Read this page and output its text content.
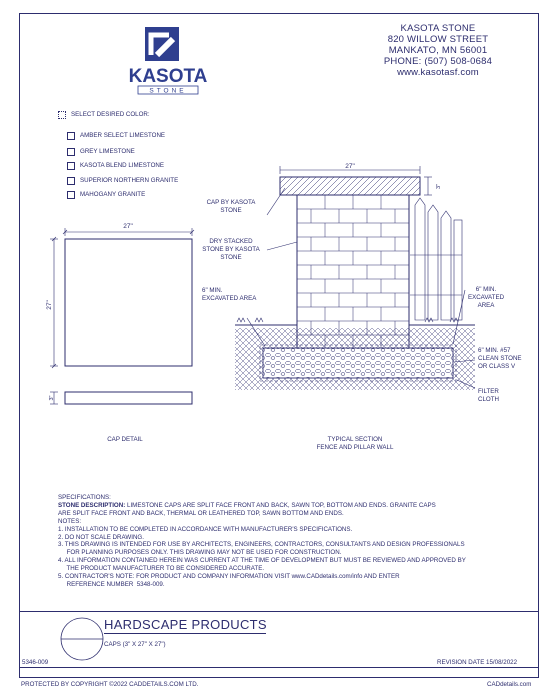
KASOTA
STONE
KASOTA STONE
820 WILLOW STREET
MANKATO, MN 56001
PHONE: (507) 508-0684
www.kasotasf.com
SELECT DESIRED COLOR:
AMBER SELECT LIMESTONE
GREY LIMESTONE
KASOTA BLEND LIMESTONE
SUPERIOR NORTHERN GRANITE
MAHOGANY GRANITE
27"
27"
3"
CAP DETAIL
27"
3"
CAP BY KASOTA STONE
DRY STACKED STONE BY KASOTA STONE
6" MIN. EXCAVATED AREA
6" MIN. EXCAVATED AREA
6" MIN. #57 CLEAN STONE OR CLASS V
FILTER CLOTH
TYPICAL SECTION
FENCE AND PILLAR WALL
SPECIFICATIONS:
STONE DESCRIPTION: LIMESTONE CAPS ARE SPLIT FACE FRONT AND BACK, SAWN TOP, BOTTOM AND ENDS. GRANITE CAPS
ARE SPLIT FACE FRONT AND BACK, THERMAL OR LEATHERED TOP, SAWN BOTTOM AND ENDS.
NOTES:
1. INSTALLATION TO BE COMPLETED IN ACCORDANCE WITH MANUFACTURER'S SPECIFICATIONS.
2. DO NOT SCALE DRAWING.
3. THIS DRAWING IS INTENDED FOR USE BY ARCHITECTS, ENGINEERS, CONTRACTORS, CONSULTANTS AND DESIGN PROFESSIONALS
FOR PLANNING PURPOSES ONLY. THIS DRAWING MAY NOT BE USED FOR CONSTRUCTION.
4. ALL INFORMATION CONTAINED HEREIN WAS CURRENT AT THE TIME OF DEVELOPMENT BUT MUST BE REVIEWED AND APPROVED BY
THE PRODUCT MANUFACTURER TO BE CONSIDERED ACCURATE.
5. CONTRACTOR'S NOTE: FOR PRODUCT AND COMPANY INFORMATION VISIT www.CADdetails.com/info AND ENTER
REFERENCE NUMBER  5348-009.
HARDSCAPE PRODUCTS
CAPS (3" X 27" X 27")
5346-009	REVISION DATE 15/08/2022
PROTECTED BY COPYRIGHT ©2022 CADDETAILS.COM LTD.	CADdetails.com
